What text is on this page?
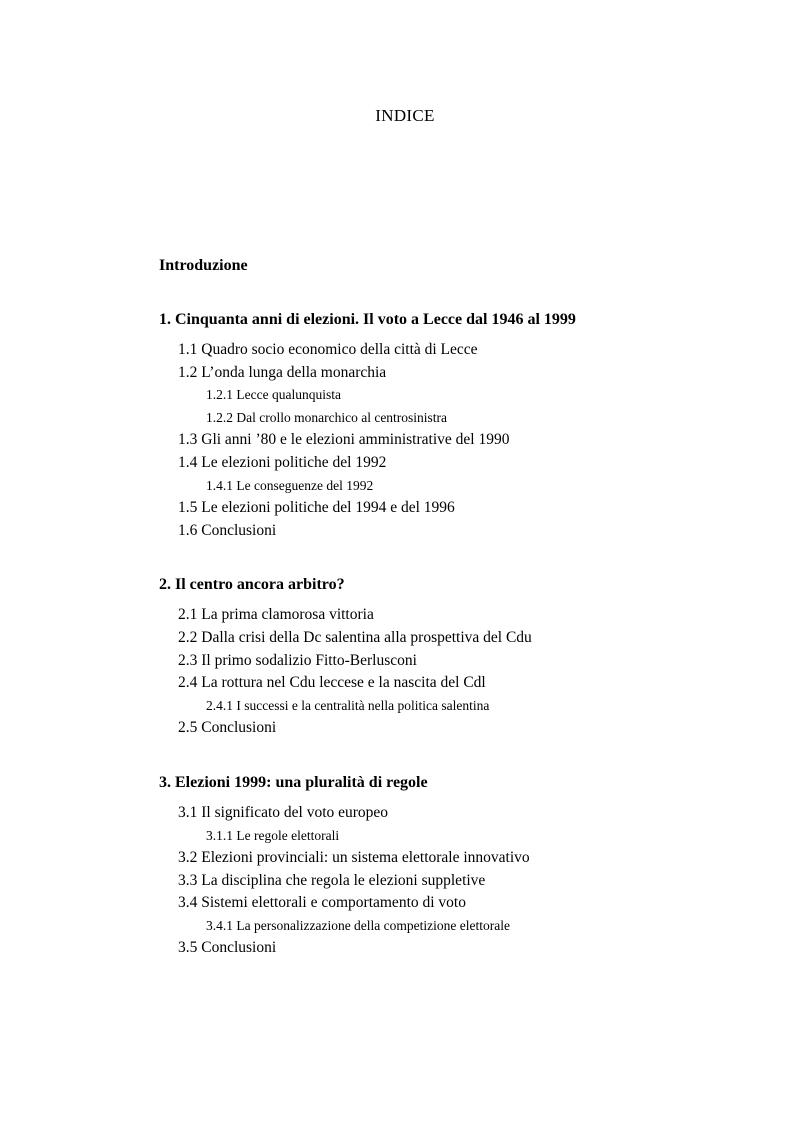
INDICE

Introduzione

1. Cinquanta anni di elezioni. Il voto a Lecce dal 1946 al 1999

1.1 Quadro socio economico della città di Lecce
1.2 L’onda lunga della monarchia
1.2.1 Lecce qualunquista
1.2.2 Dal crollo monarchico al centrosinistra
1.3 Gli anni ’80 e le elezioni amministrative del 1990
1.4 Le elezioni politiche del 1992
1.4.1 Le conseguenze del 1992
1.5 Le elezioni politiche del 1994 e del 1996
1.6 Conclusioni

2. Il centro ancora arbitro?

2.1 La prima clamorosa vittoria
2.2 Dalla crisi della Dc salentina alla prospettiva del Cdu
2.3 Il primo sodalizio Fitto-Berlusconi
2.4 La rottura nel Cdu leccese e la nascita del Cdl
2.4.1 I successi e la centralità nella politica salentina
2.5 Conclusioni

3. Elezioni 1999: una pluralità di regole

3.1 Il significato del voto europeo
3.1.1 Le regole elettorali
3.2 Elezioni provinciali: un sistema elettorale innovativo
3.3 La disciplina che regola le elezioni suppletive
3.4 Sistemi elettorali e comportamento di voto
3.4.1 La personalizzazione della competizione elettorale
3.5 Conclusioni
